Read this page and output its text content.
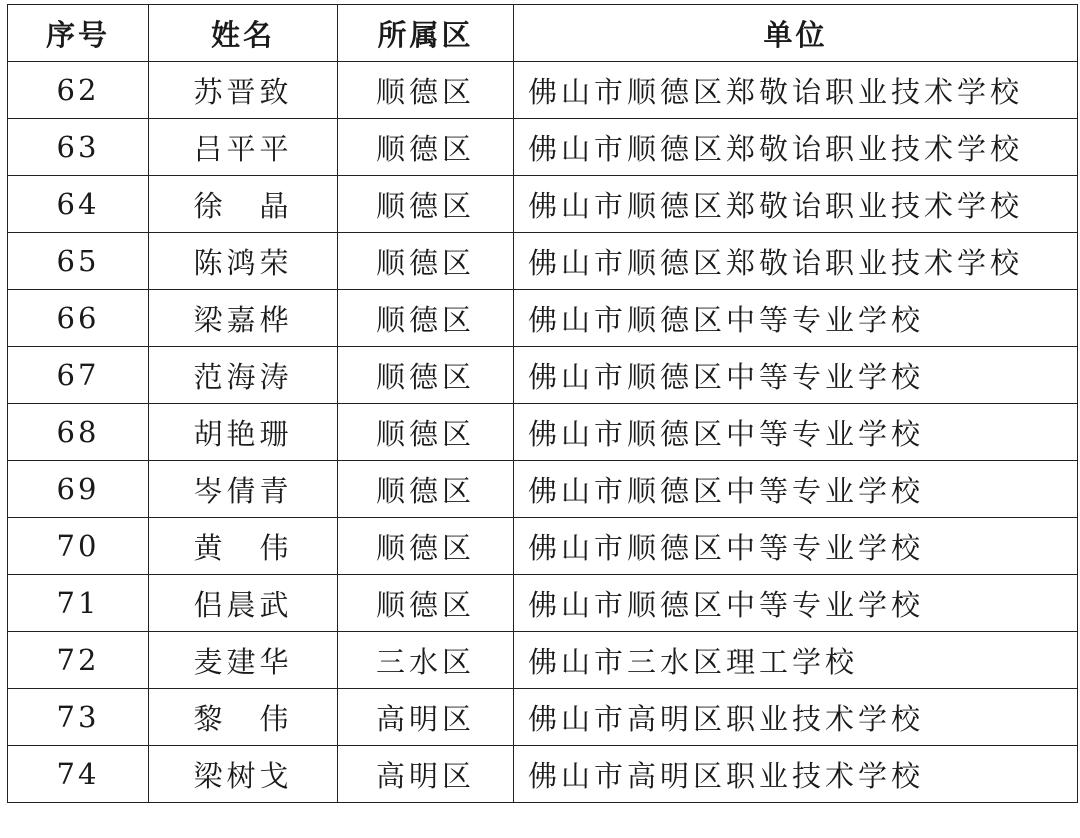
序号	姓名	所属区	单位
62	苏晋致	顺德区	佛山市顺德区郑敬诒职业技术学校
63	吕平平	顺德区	佛山市顺德区郑敬诒职业技术学校
64	徐　晶	顺德区	佛山市顺德区郑敬诒职业技术学校
65	陈鸿荣	顺德区	佛山市顺德区郑敬诒职业技术学校
66	梁嘉桦	顺德区	佛山市顺德区中等专业学校
67	范海涛	顺德区	佛山市顺德区中等专业学校
68	胡艳珊	顺德区	佛山市顺德区中等专业学校
69	岑倩青	顺德区	佛山市顺德区中等专业学校
70	黄　伟	顺德区	佛山市顺德区中等专业学校
71	侣晨武	顺德区	佛山市顺德区中等专业学校
72	麦建华	三水区	佛山市三水区理工学校
73	黎　伟	高明区	佛山市高明区职业技术学校
74	梁树戈	高明区	佛山市高明区职业技术学校
